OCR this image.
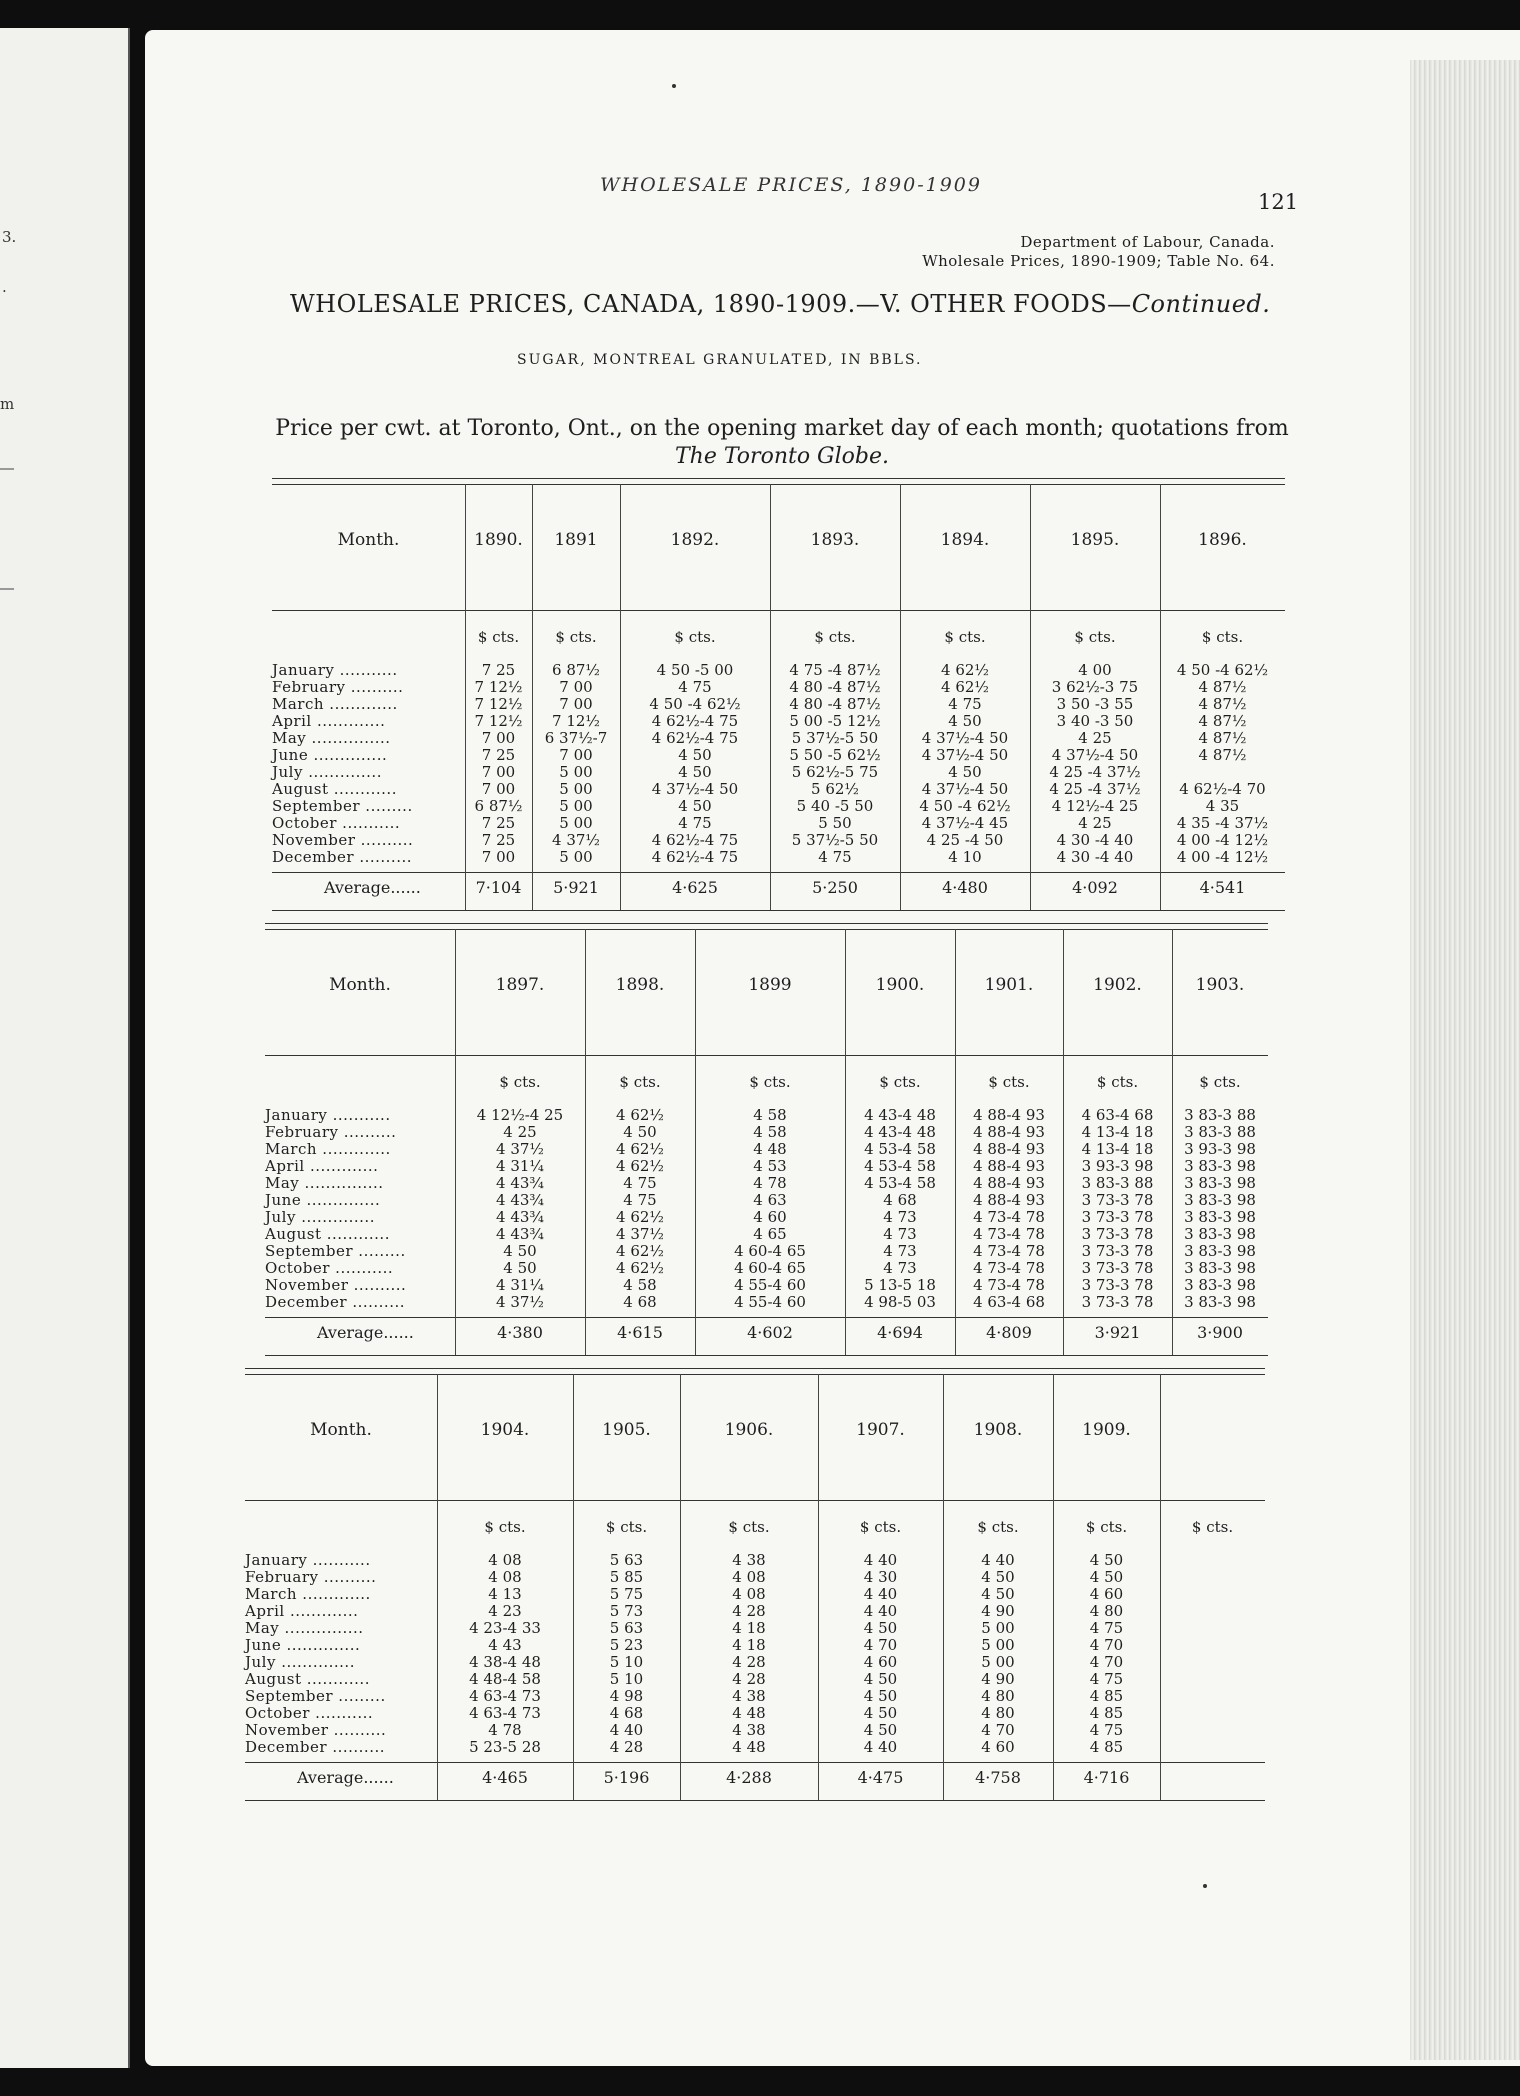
3.
.
m
WHOLESALE PRICES, 1890-1909
121
Department of Labour, Canada.
Wholesale Prices, 1890-1909; Table No. 64.
WHOLESALE PRICES, CANADA, 1890-1909.—V. OTHER FOODS—Continued.
SUGAR, MONTREAL GRANULATED, IN BBLS.
Price per cwt. at Toronto, Ont., on the opening market day of each month; quotations from
The Toronto Globe.
Month.
January ...........
February ..........
March .............
April .............
May ...............
June ..............
July ..............
August ............
September .........
October ...........
November ..........
December ..........
Average......
1890.
$ cts.
7 25
7 12½
7 12½
7 12½
7 00
7 25
7 00
7 00
6 87½
7 25
7 25
7 00
7·104
1891
$ cts.
6 87½
7 00
7 00
7 12½
6 37½-7
7 00
5 00
5 00
5 00
5 00
4 37½
5 00
5·921
1892.
$ cts.
4 50 -5 00
4 75
4 50 -4 62½
4 62½-4 75
4 62½-4 75
4 50
4 50
4 37½-4 50
4 50
4 75
4 62½-4 75
4 62½-4 75
4·625
1893.
$ cts.
4 75 -4 87½
4 80 -4 87½
4 80 -4 87½
5 00 -5 12½
5 37½-5 50
5 50 -5 62½
5 62½-5 75
5 62½
5 40 -5 50
5 50
5 37½-5 50
4 75
5·250
1894.
$ cts.
4 62½
4 62½
4 75
4 50
4 37½-4 50
4 37½-4 50
4 50
4 37½-4 50
4 50 -4 62½
4 37½-4 45
4 25 -4 50
4 10
4·480
1895.
$ cts.
4 00
3 62½-3 75
3 50 -3 55
3 40 -3 50
4 25
4 37½-4 50
4 25 -4 37½
4 25 -4 37½
4 12½-4 25
4 25
4 30 -4 40
4 30 -4 40
4·092
1896.
$ cts.
4 50 -4 62½
4 87½
4 87½
4 87½
4 87½
4 87½

4 62½-4 70
4 35
4 35 -4 37½
4 00 -4 12½
4 00 -4 12½
4·541
Month.
January ...........
February ..........
March .............
April .............
May ...............
June ..............
July ..............
August ............
September .........
October ...........
November ..........
December ..........
Average......
1897.
$ cts.
4 12½-4 25
4 25
4 37½
4 31¼
4 43¾
4 43¾
4 43¾
4 43¾
4 50
4 50
4 31¼
4 37½
4·380
1898.
$ cts.
4 62½
4 50
4 62½
4 62½
4 75
4 75
4 62½
4 37½
4 62½
4 62½
4 58
4 68
4·615
1899
$ cts.
4 58
4 58
4 48
4 53
4 78
4 63
4 60
4 65
4 60-4 65
4 60-4 65
4 55-4 60
4 55-4 60
4·602
1900.
$ cts.
4 43-4 48
4 43-4 48
4 53-4 58
4 53-4 58
4 53-4 58
4 68
4 73
4 73
4 73
4 73
5 13-5 18
4 98-5 03
4·694
1901.
$ cts.
4 88-4 93
4 88-4 93
4 88-4 93
4 88-4 93
4 88-4 93
4 88-4 93
4 73-4 78
4 73-4 78
4 73-4 78
4 73-4 78
4 73-4 78
4 63-4 68
4·809
1902.
$ cts.
4 63-4 68
4 13-4 18
4 13-4 18
3 93-3 98
3 83-3 88
3 73-3 78
3 73-3 78
3 73-3 78
3 73-3 78
3 73-3 78
3 73-3 78
3 73-3 78
3·921
1903.
$ cts.
3 83-3 88
3 83-3 88
3 93-3 98
3 83-3 98
3 83-3 98
3 83-3 98
3 83-3 98
3 83-3 98
3 83-3 98
3 83-3 98
3 83-3 98
3 83-3 98
3·900
Month.
January ...........
February ..........
March .............
April .............
May ...............
June ..............
July ..............
August ............
September .........
October ...........
November ..........
December ..........
Average......
1904.
$ cts.
4 08
4 08
4 13
4 23
4 23-4 33
4 43
4 38-4 48
4 48-4 58
4 63-4 73
4 63-4 73
4 78
5 23-5 28
4·465
1905.
$ cts.
5 63
5 85
5 75
5 73
5 63
5 23
5 10
5 10
4 98
4 68
4 40
4 28
5·196
1906.
$ cts.
4 38
4 08
4 08
4 28
4 18
4 18
4 28
4 28
4 38
4 48
4 38
4 48
4·288
1907.
$ cts.
4 40
4 30
4 40
4 40
4 50
4 70
4 60
4 50
4 50
4 50
4 50
4 40
4·475
1908.
$ cts.
4 40
4 50
4 50
4 90
5 00
5 00
5 00
4 90
4 80
4 80
4 70
4 60
4·758
1909.
$ cts.
4 50
4 50
4 60
4 80
4 75
4 70
4 70
4 75
4 85
4 85
4 75
4 85
4·716
$ cts.
